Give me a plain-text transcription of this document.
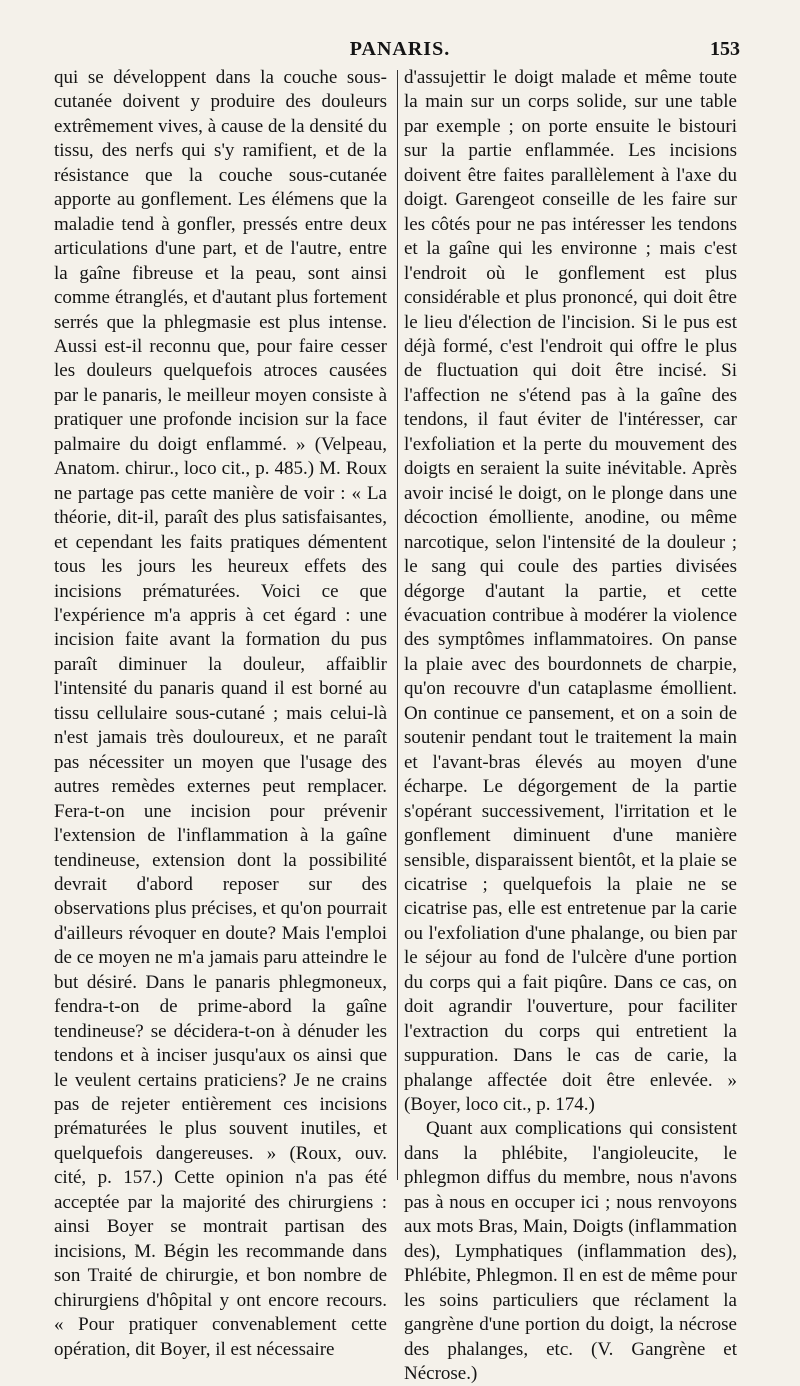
PANARIS.	153

qui se développent dans la couche sous-cutanée doivent y produire des douleurs extrêmement vives, à cause de la densité du tissu, des nerfs qui s'y ramifient, et de la résistance que la couche sous-cutanée apporte au gonflement. Les élémens que la maladie tend à gonfler, pressés entre deux articulations d'une part, et de l'autre, entre la gaîne fibreuse et la peau, sont ainsi comme étranglés, et d'autant plus fortement serrés que la phlegmasie est plus intense. Aussi est-il reconnu que, pour faire cesser les douleurs quelquefois atroces causées par le panaris, le meilleur moyen consiste à pratiquer une profonde incision sur la face palmaire du doigt enflammé. » (Velpeau, Anatom. chirur., loco cit., p. 485.) M. Roux ne partage pas cette manière de voir : « La théorie, dit-il, paraît des plus satisfaisantes, et cependant les faits pratiques démentent tous les jours les heureux effets des incisions prématurées. Voici ce que l'expérience m'a appris à cet égard : une incision faite avant la formation du pus paraît diminuer la douleur, affaiblir l'intensité du panaris quand il est borné au tissu cellulaire sous-cutané ; mais celui-là n'est jamais très douloureux, et ne paraît pas nécessiter un moyen que l'usage des autres remèdes externes peut remplacer. Fera-t-on une incision pour prévenir l'extension de l'inflammation à la gaîne tendineuse, extension dont la possibilité devrait d'abord reposer sur des observations plus précises, et qu'on pourrait d'ailleurs révoquer en doute? Mais l'emploi de ce moyen ne m'a jamais paru atteindre le but désiré. Dans le panaris phlegmoneux, fendra-t-on de prime-abord la gaîne tendineuse? se décidera-t-on à dénuder les tendons et à inciser jusqu'aux os ainsi que le veulent certains praticiens? Je ne crains pas de rejeter entièrement ces incisions prématurées le plus souvent inutiles, et quelquefois dangereuses. » (Roux, ouv. cité, p. 157.) Cette opinion n'a pas été acceptée par la majorité des chirurgiens : ainsi Boyer se montrait partisan des incisions, M. Bégin les recommande dans son Traité de chirurgie, et bon nombre de chirurgiens d'hôpital y ont encore recours. « Pour pratiquer convenablement cette opération, dit Boyer, il est nécessaire

d'assujettir le doigt malade et même toute la main sur un corps solide, sur une table par exemple ; on porte ensuite le bistouri sur la partie enflammée. Les incisions doivent être faites parallèlement à l'axe du doigt. Garengeot conseille de les faire sur les côtés pour ne pas intéresser les tendons et la gaîne qui les environne ; mais c'est l'endroit où le gonflement est plus considérable et plus prononcé, qui doit être le lieu d'élection de l'incision. Si le pus est déjà formé, c'est l'endroit qui offre le plus de fluctuation qui doit être incisé. Si l'affection ne s'étend pas à la gaîne des tendons, il faut éviter de l'intéresser, car l'exfoliation et la perte du mouvement des doigts en seraient la suite inévitable. Après avoir incisé le doigt, on le plonge dans une décoction émolliente, anodine, ou même narcotique, selon l'intensité de la douleur ; le sang qui coule des parties divisées dégorge d'autant la partie, et cette évacuation contribue à modérer la violence des symptômes inflammatoires. On panse la plaie avec des bourdonnets de charpie, qu'on recouvre d'un cataplasme émollient. On continue ce pansement, et on a soin de soutenir pendant tout le traitement la main et l'avant-bras élevés au moyen d'une écharpe. Le dégorgement de la partie s'opérant successivement, l'irritation et le gonflement diminuent d'une manière sensible, disparaissent bientôt, et la plaie se cicatrise ; quelquefois la plaie ne se cicatrise pas, elle est entretenue par la carie ou l'exfoliation d'une phalange, ou bien par le séjour au fond de l'ulcère d'une portion du corps qui a fait piqûre. Dans ce cas, on doit agrandir l'ouverture, pour faciliter l'extraction du corps qui entretient la suppuration. Dans le cas de carie, la phalange affectée doit être enlevée. » (Boyer, loco cit., p. 174.)

Quant aux complications qui consistent dans la phlébite, l'angioleucite, le phlegmon diffus du membre, nous n'avons pas à nous en occuper ici ; nous renvoyons aux mots Bras, Main, Doigts (inflammation des), Lymphatiques (inflammation des), Phlébite, Phlegmon. Il en est de même pour les soins particuliers que réclament la gangrène d'une portion du doigt, la nécrose des phalanges, etc. (V. Gangrène et Nécrose.)
